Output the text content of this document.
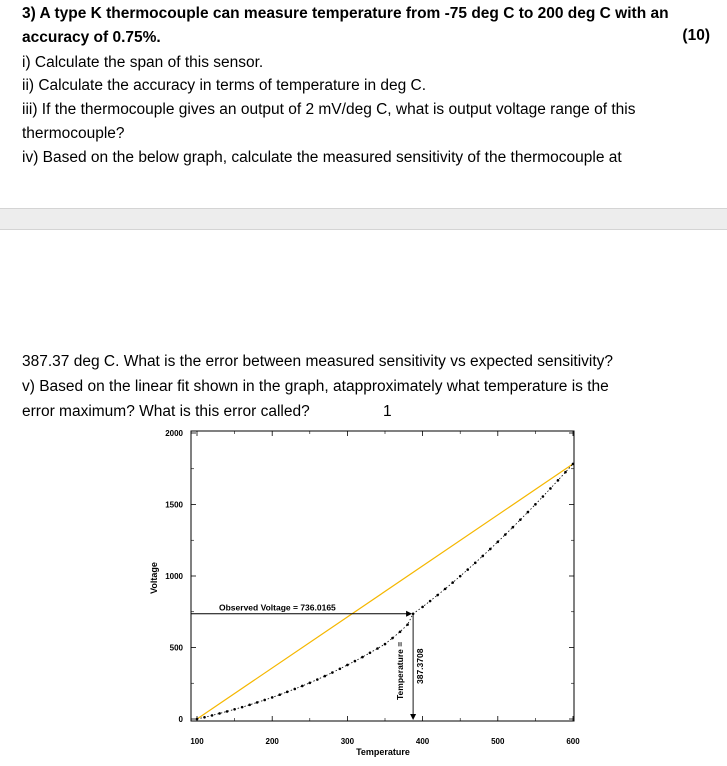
3) A type K thermocouple can measure temperature from -75 deg C to 200 deg C with an
accuracy of 0.75%.	(10)
i) Calculate the span of this sensor.
ii) Calculate the accuracy in terms of temperature in deg C.
iii) If the thermocouple gives an output of 2 mV/deg C, what is output voltage range of this
thermocouple?
iv) Based on the below graph, calculate the measured sensitivity of the thermocouple at
387.37 deg C. What is the error between measured sensitivity vs expected sensitivity?
v) Based on the linear fit shown in the graph, atapproximately what temperature is the
error maximum? What is this error called?	1
100	200	300	400	500	600
0
500
1000
1500
2000
Observed Voltage = 736.0165
Temperature = 387.3708
Temperature
Voltage
